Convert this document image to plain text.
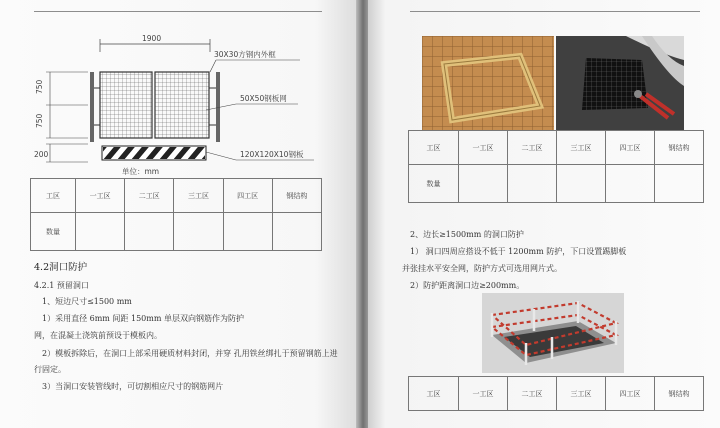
1900
750
750
200
30X30方钢内外框
50X50钢板网
120X120X10钢板
单位：mm
工区	一工区	二工区	三工区	四工区	钢结构
数量					
4.2洞口防护
4.2.1 预留洞口
1、短边尺寸≤1500 mm
1）采用直径 6mm 间距 150mm 单层双向钢筋作为防护
网，在混凝土浇筑前预设于模板内。
2）模板拆除后，在洞口上部采用硬质材料封闭，并穿 孔用铁丝绑扎于预留钢筋上进
行固定。
3）当洞口安装管线时，可切割相应尺寸的钢筋网片
工区	一工区	二工区	三工区	四工区	钢结构
数量					
2、边长≥1500mm 的洞口防护
1） 洞口四周应搭设不低于 1200mm 防护，下口设置踢脚板
并张挂水平安全网，防护方式可选用网片式。
2）防护距离洞口边≥200mm。
工区	一工区	二工区	三工区	四工区	钢结构
